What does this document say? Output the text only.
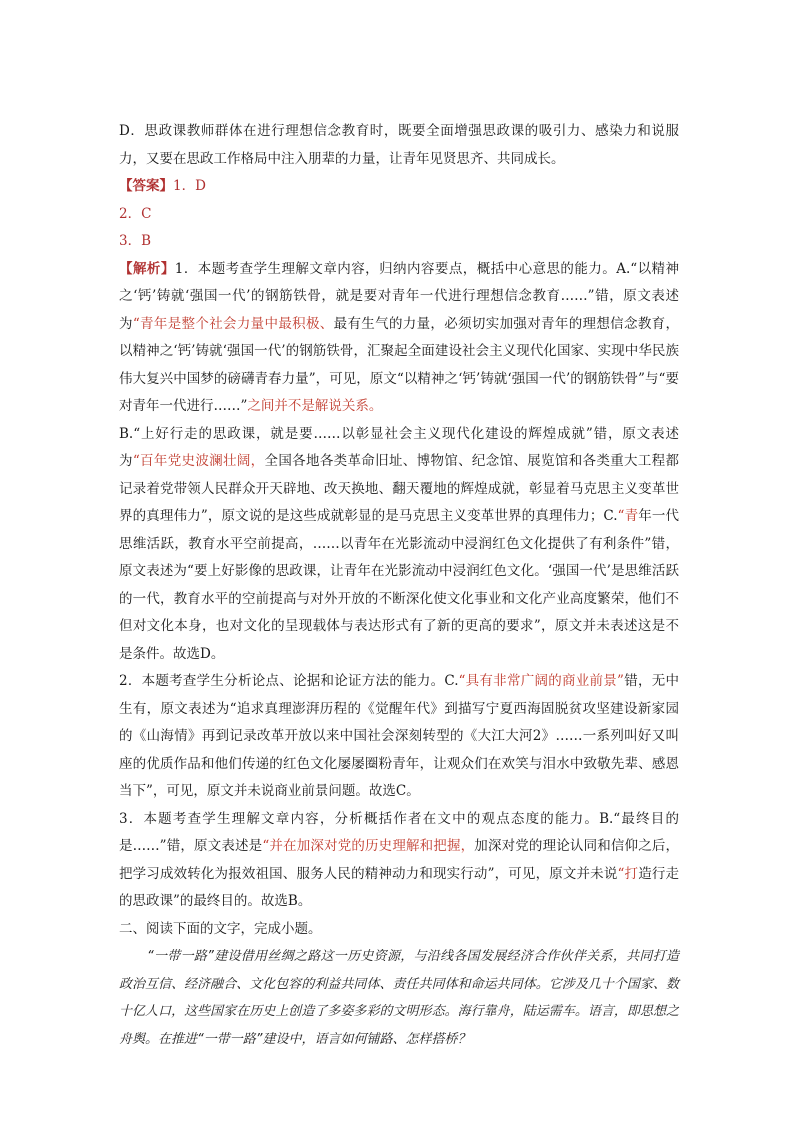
D．思政课教师群体在进行理想信念教育时，既要全面增强思政课的吸引力、感染力和说服力，又要在思政工作格局中注入朋辈的力量，让青年见贤思齐、共同成长。

【答案】1．D

2．C

3．B

【解析】1．本题考查学生理解文章内容，归纳内容要点，概括中心意思的能力。A.“以精神之‘钙’铸就‘强国一代’的钢筋铁骨，就是要对青年一代进行理想信念教育……”错，原文表述为“青年是整个社会力量中最积极、最有生气的力量，必须切实加强对青年的理想信念教育，以精神之‘钙’铸就‘强国一代’的钢筋铁骨，汇聚起全面建设社会主义现代化国家、实现中华民族伟大复兴中国梦的磅礴青春力量”，可见，原文“以精神之‘钙’铸就‘强国一代’的钢筋铁骨”与“要对青年一代进行……”之间并不是解说关系。

B.“上好行走的思政课，就是要……以彰显社会主义现代化建设的辉煌成就”错，原文表述为“百年党史波澜壮阔，全国各地各类革命旧址、博物馆、纪念馆、展览馆和各类重大工程都记录着党带领人民群众开天辟地、改天换地、翻天覆地的辉煌成就，彰显着马克思主义变革世界的真理伟力”，原文说的是这些成就彰显的是马克思主义变革世界的真理伟力；C.“青年一代思维活跃，教育水平空前提高，……以青年在光影流动中浸润红色文化提供了有利条件”错，原文表述为“要上好影像的思政课，让青年在光影流动中浸润红色文化。‘强国一代’是思维活跃的一代，教育水平的空前提高与对外开放的不断深化使文化事业和文化产业高度繁荣，他们不但对文化本身，也对文化的呈现载体与表达形式有了新的更高的要求”，原文并未表述这是不是条件。故选D。

2．本题考查学生分析论点、论据和论证方法的能力。C.“具有非常广阔的商业前景”错，无中生有，原文表述为“追求真理澎湃历程的《觉醒年代》到描写宁夏西海固脱贫攻坚建设新家园的《山海情》再到记录改革开放以来中国社会深刻转型的《大江大河2》……一系列叫好又叫座的优质作品和他们传递的红色文化屡屡圈粉青年，让观众们在欢笑与泪水中致敬先辈、感恩当下”，可见，原文并未说商业前景问题。故选C。

3．本题考查学生理解文章内容，分析概括作者在文中的观点态度的能力。B.“最终目的是……”错，原文表述是“并在加深对党的历史理解和把握，加深对党的理论认同和信仰之后，把学习成效转化为报效祖国、服务人民的精神动力和现实行动”，可见，原文并未说“打造行走的思政课”的最终目的。故选B。

二、阅读下面的文字，完成小题。

“一带一路”建设借用丝绸之路这一历史资源，与沿线各国发展经济合作伙伴关系，共同打造政治互信、经济融合、文化包容的利益共同体、责任共同体和命运共同体。它涉及几十个国家、数十亿人口，这些国家在历史上创造了多姿多彩的文明形态。海行靠舟，陆运需车。语言，即思想之舟舆。在推进“一带一路”建设中，语言如何铺路、怎样搭桥？
